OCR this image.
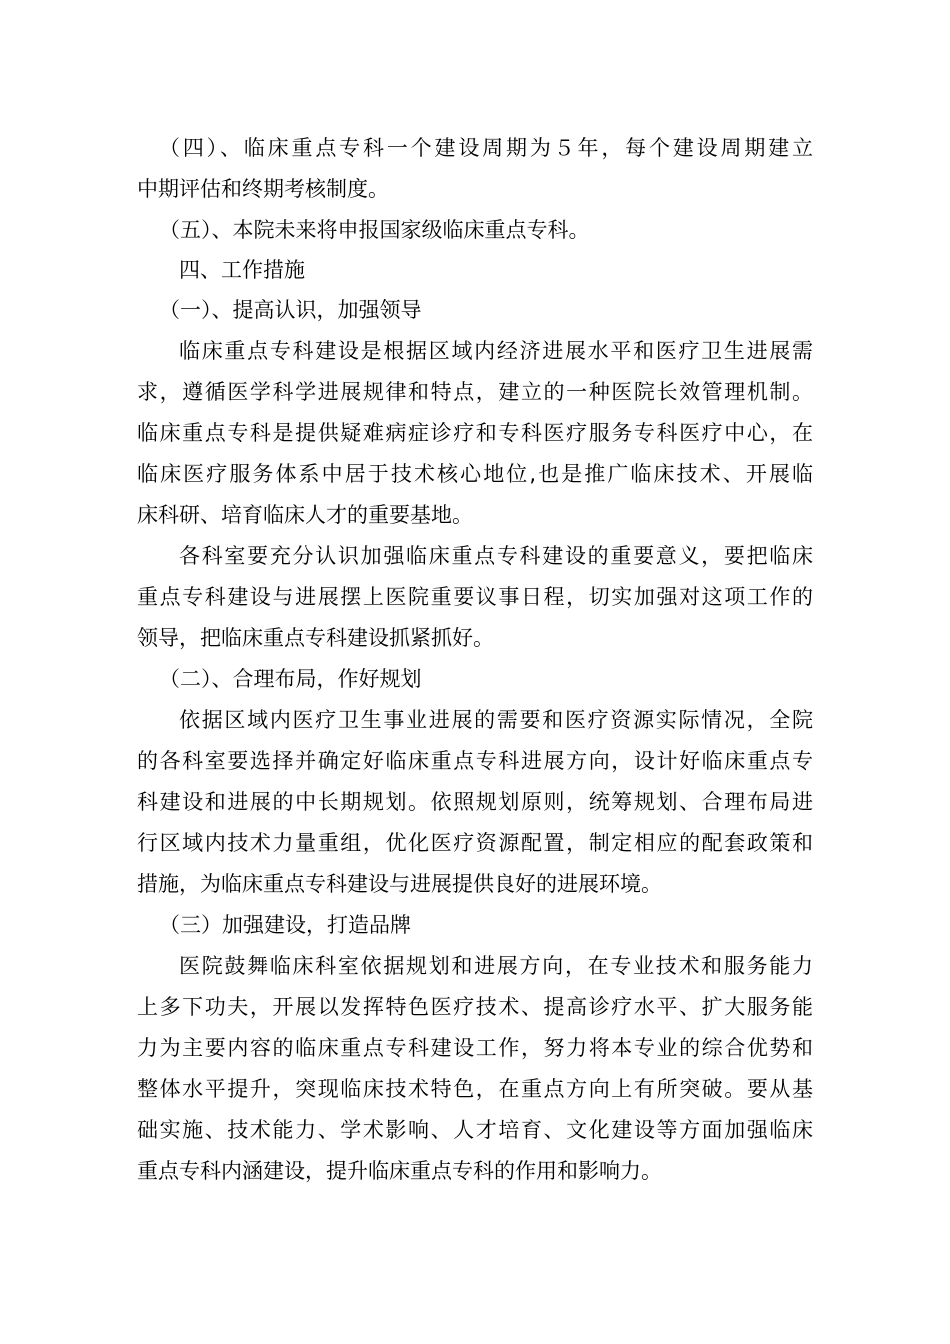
（四）、临床重点专科一个建设周期为５年，每个建设周期建立
中期评估和终期考核制度。
（五）、本院未来将申报国家级临床重点专科。
四、工作措施
（一）、提高认识，加强领导
临床重点专科建设是根据区域内经济进展水平和医疗卫生进展需
求，遵循医学科学进展规律和特点，建立的一种医院长效管理机制。
临床重点专科是提供疑难病症诊疗和专科医疗服务专科医疗中心，在
临床医疗服务体系中居于技术核心地位,也是推广临床技术、开展临
床科研、培育临床人才的重要基地。
各科室要充分认识加强临床重点专科建设的重要意义，要把临床
重点专科建设与进展摆上医院重要议事日程，切实加强对这项工作的
领导，把临床重点专科建设抓紧抓好。
（二）、合理布局，作好规划
依据区域内医疗卫生事业进展的需要和医疗资源实际情况，全院
的各科室要选择并确定好临床重点专科进展方向，设计好临床重点专
科建设和进展的中长期规划。依照规划原则，统筹规划、合理布局进
行区域内技术力量重组，优化医疗资源配置，制定相应的配套政策和
措施，为临床重点专科建设与进展提供良好的进展环境。
（三）加强建设，打造品牌
医院鼓舞临床科室依据规划和进展方向，在专业技术和服务能力
上多下功夫，开展以发挥特色医疗技术、提高诊疗水平、扩大服务能
力为主要内容的临床重点专科建设工作，努力将本专业的综合优势和
整体水平提升，突现临床技术特色，在重点方向上有所突破。要从基
础实施、技术能力、学术影响、人才培育、文化建设等方面加强临床
重点专科内涵建设，提升临床重点专科的作用和影响力。
